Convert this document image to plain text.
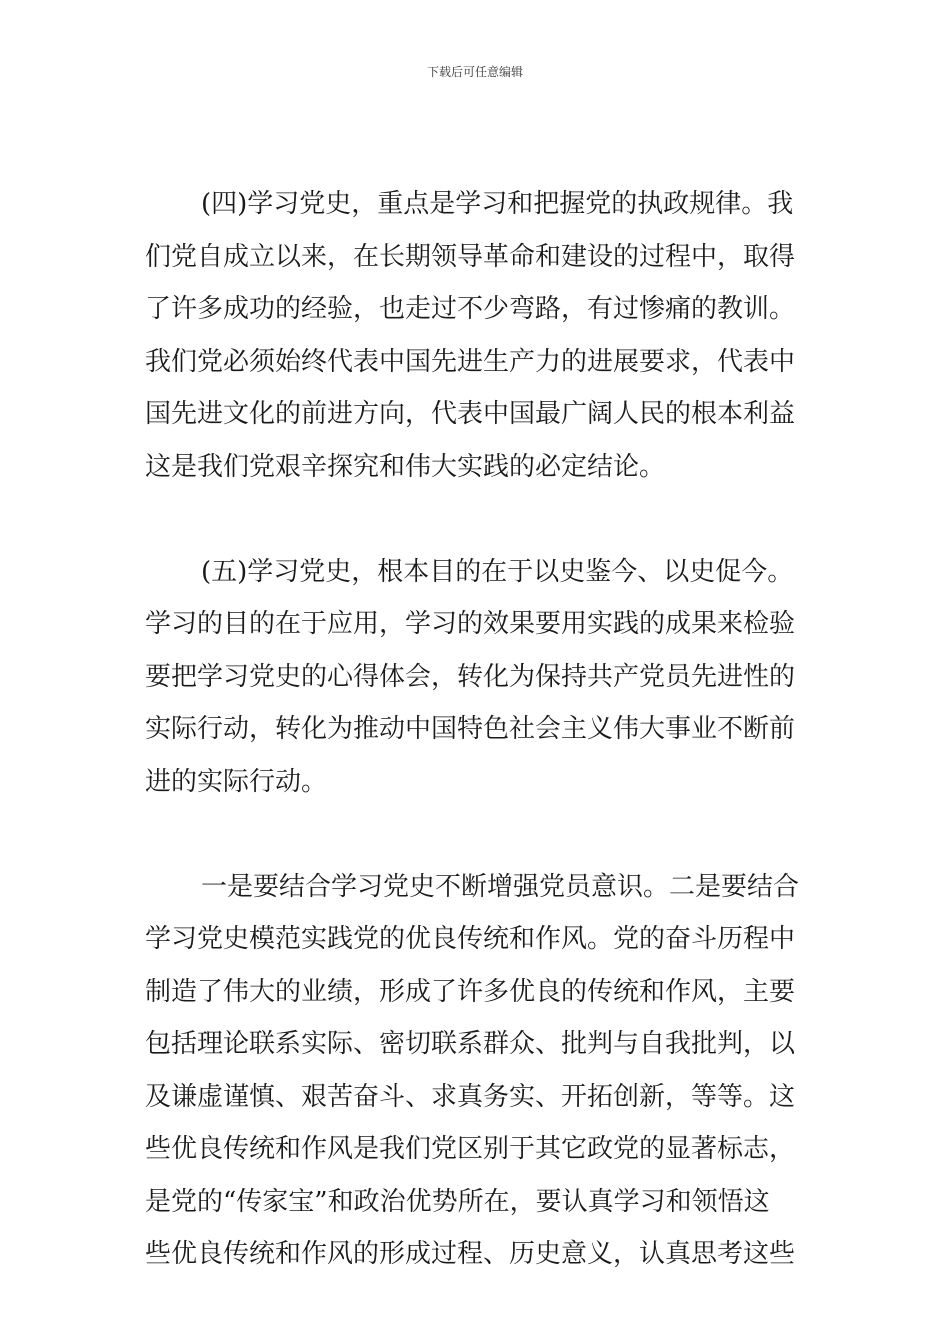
下载后可任意编辑
(四)学习党史，重点是学习和把握党的执政规律。我
们党自成立以来，在长期领导革命和建设的过程中，取得
了许多成功的经验，也走过不少弯路，有过惨痛的教训。
我们党必须始终代表中国先进生产力的进展要求，代表中
国先进文化的前进方向，代表中国最广阔人民的根本利益
这是我们党艰辛探究和伟大实践的必定结论。
(五)学习党史，根本目的在于以史鉴今、以史促今。
学习的目的在于应用，学习的效果要用实践的成果来检验
要把学习党史的心得体会，转化为保持共产党员先进性的
实际行动，转化为推动中国特色社会主义伟大事业不断前
进的实际行动。
一是要结合学习党史不断增强党员意识。二是要结合
学习党史模范实践党的优良传统和作风。党的奋斗历程中
制造了伟大的业绩，形成了许多优良的传统和作风，主要
包括理论联系实际、密切联系群众、批判与自我批判，以
及谦虚谨慎、艰苦奋斗、求真务实、开拓创新，等等。这
些优良传统和作风是我们党区别于其它政党的显著标志，
是党的“传家宝”和政治优势所在，要认真学习和领悟这
些优良传统和作风的形成过程、历史意义，认真思考这些
